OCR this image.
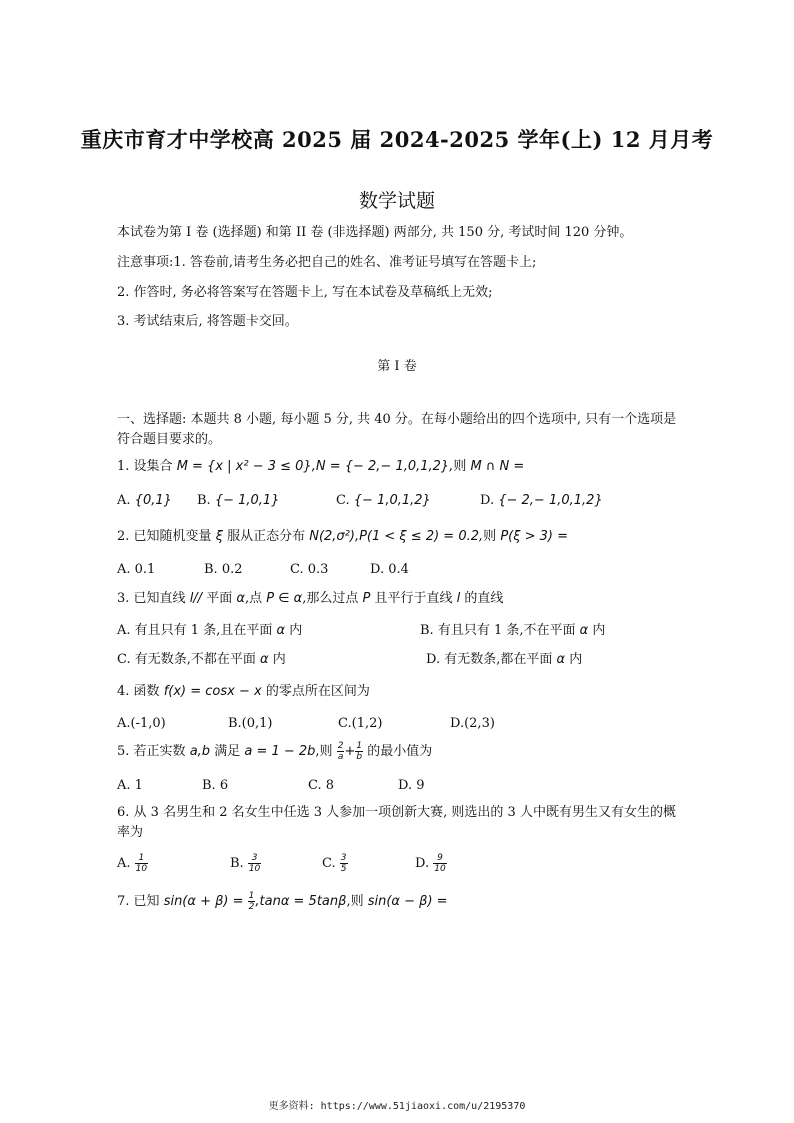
重庆市育才中学校高 2025 届 2024-2025 学年(上) 12 月月考
数学试题
本试卷为第 I 卷 (选择题) 和第 II 卷 (非选择题) 两部分, 共 150 分, 考试时间 120 分钟。
注意事项:1. 答卷前,请考生务必把自己的姓名、准考证号填写在答题卡上;
2. 作答时, 务必将答案写在答题卡上, 写在本试卷及草稿纸上无效;
3. 考试结束后, 将答题卡交回。
第 I 卷
一、选择题: 本题共 8 小题, 每小题 5 分, 共 40 分。在每小题给出的四个选项中, 只有一个选项是符合题目要求的。
1. 设集合 M = {x | x² − 3 ≤ 0},N = {− 2,− 1,0,1,2},则 M ∩ N =
A. {0,1} B. {− 1,0,1}	C. {− 1,0,1,2}	D. {− 2,− 1,0,1,2}
2. 已知随机变量 ξ 服从正态分布 N(2,σ²),P(1 < ξ ≤ 2) = 0.2,则 P(ξ > 3) =
A. 0.1	B. 0.2	C. 0.3	D. 0.4
3. 已知直线 l// 平面 α,点 P ∈ α,那么过点 P 且平行于直线 l 的直线
A. 有且只有 1 条,且在平面 α 内	B. 有且只有 1 条,不在平面 α 内
C. 有无数条,不都在平面 α 内	D. 有无数条,都在平面 α 内
4. 函数 f(x) = cosx − x 的零点所在区间为
A.(-1,0)	B.(0,1)	C.(1,2)	D.(2,3)
5. 若正实数 a,b 满足 a = 1 − 2b,则 $\frac{2}{a} + \frac{1}{b}$ 的最小值为
A. 1	B. 6	C. 8	D. 9
6. 从 3 名男生和 2 名女生中任选 3 人参加一项创新大赛, 则选出的 3 人中既有男生又有女生的概率为
A. $\frac{1}{10}$	B. $\frac{3}{10}$	C. $\frac{3}{5}$	D. $\frac{9}{10}$
7. 已知 $\sin(\alpha + \beta) = \frac{1}{2} ,\tan\alpha = 5\tan\beta$,则 sin(α − β) =
更多资料: https://www.51jiaoxi.com/u/2195370
